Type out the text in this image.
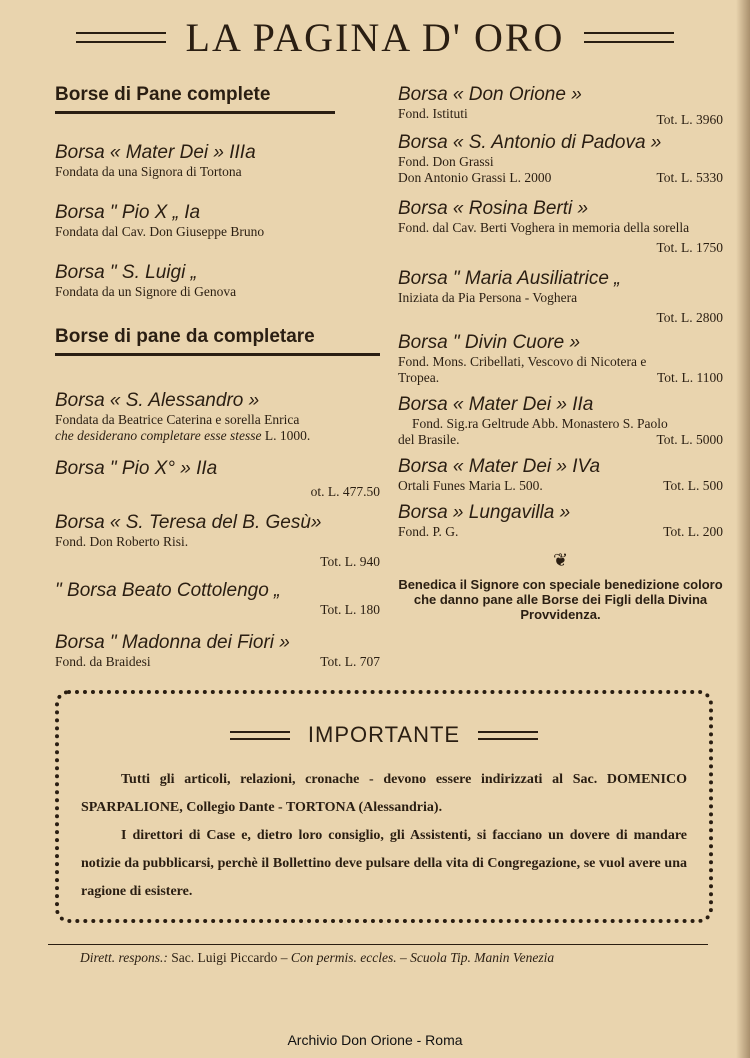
LA PAGINA D' ORO
Borse di Pane complete
Borsa « Mater Dei » IIIa
Fondata da una Signora di Tortona
Borsa " Pio X „ Ia
Fondata dal Cav. Don Giuseppe Bruno
Borsa " S. Luigi „
Fondata da un Signore di Genova
Borse di pane da completare
Borsa « S. Alessandro »
Fondata da Beatrice Caterina e sorella Enrica
che desiderano completare esse stesse L. 1000.
Borsa " Pio X° » IIa
ot. L. 477.50
Borsa « S. Teresa del B. Gesù»
Fond. Don Roberto Risi.
Tot. L. 940
" Borsa Beato Cottolengo „
Tot. L. 180
Borsa " Madonna dei Fiori »
Fond. da Braidesi	Tot. L. 707
Borsa « Don Orione »
Fond. Istituti	Tot. L. 3960
Borsa « S. Antonio di Padova »
Fond. Don Grassi
Don Antonio Grassi L. 2000	Tot. L. 5330
Borsa « Rosina Berti »
Fond. dal Cav. Berti Voghera in memoria della sorella
Tot. L. 1750
Borsa " Maria Ausiliatrice „
Iniziata da Pia Persona - Voghera
Tot. L. 2800
Borsa " Divin Cuore »
Fond. Mons. Cribellati, Vescovo di Nicotera e
Tropea.	Tot. L. 1100
Borsa « Mater Dei » IIa
Fond. Sig.ra Geltrude Abb. Monastero S. Paolo
del Brasile.	Tot. L. 5000
Borsa « Mater Dei » IVa
Ortali Funes Maria L. 500.	Tot. L. 500
Borsa » Lungavilla »
Fond. P. G.	Tot. L. 200
❦
Benedica il Signore con speciale benedizione coloro che danno pane alle Borse dei Figli della Divina Provvidenza.
IMPORTANTE

Tutti gli articoli, relazioni, cronache - devono essere indirizzati al Sac. DOMENICO SPARPALIONE, Collegio Dante - TORTONA (Alessandria).

I direttori di Case e, dietro loro consiglio, gli Assistenti, si facciano un dovere di mandare notizie da pubblicarsi, perchè il Bollettino deve pulsare della vita di Congregazione, se vuol avere una ragione di esistere.

Dirett. respons.: Sac. Luigi Piccardo – Con permis. eccles. – Scuola Tip. Manin Venezia
Archivio Don Orione - Roma
